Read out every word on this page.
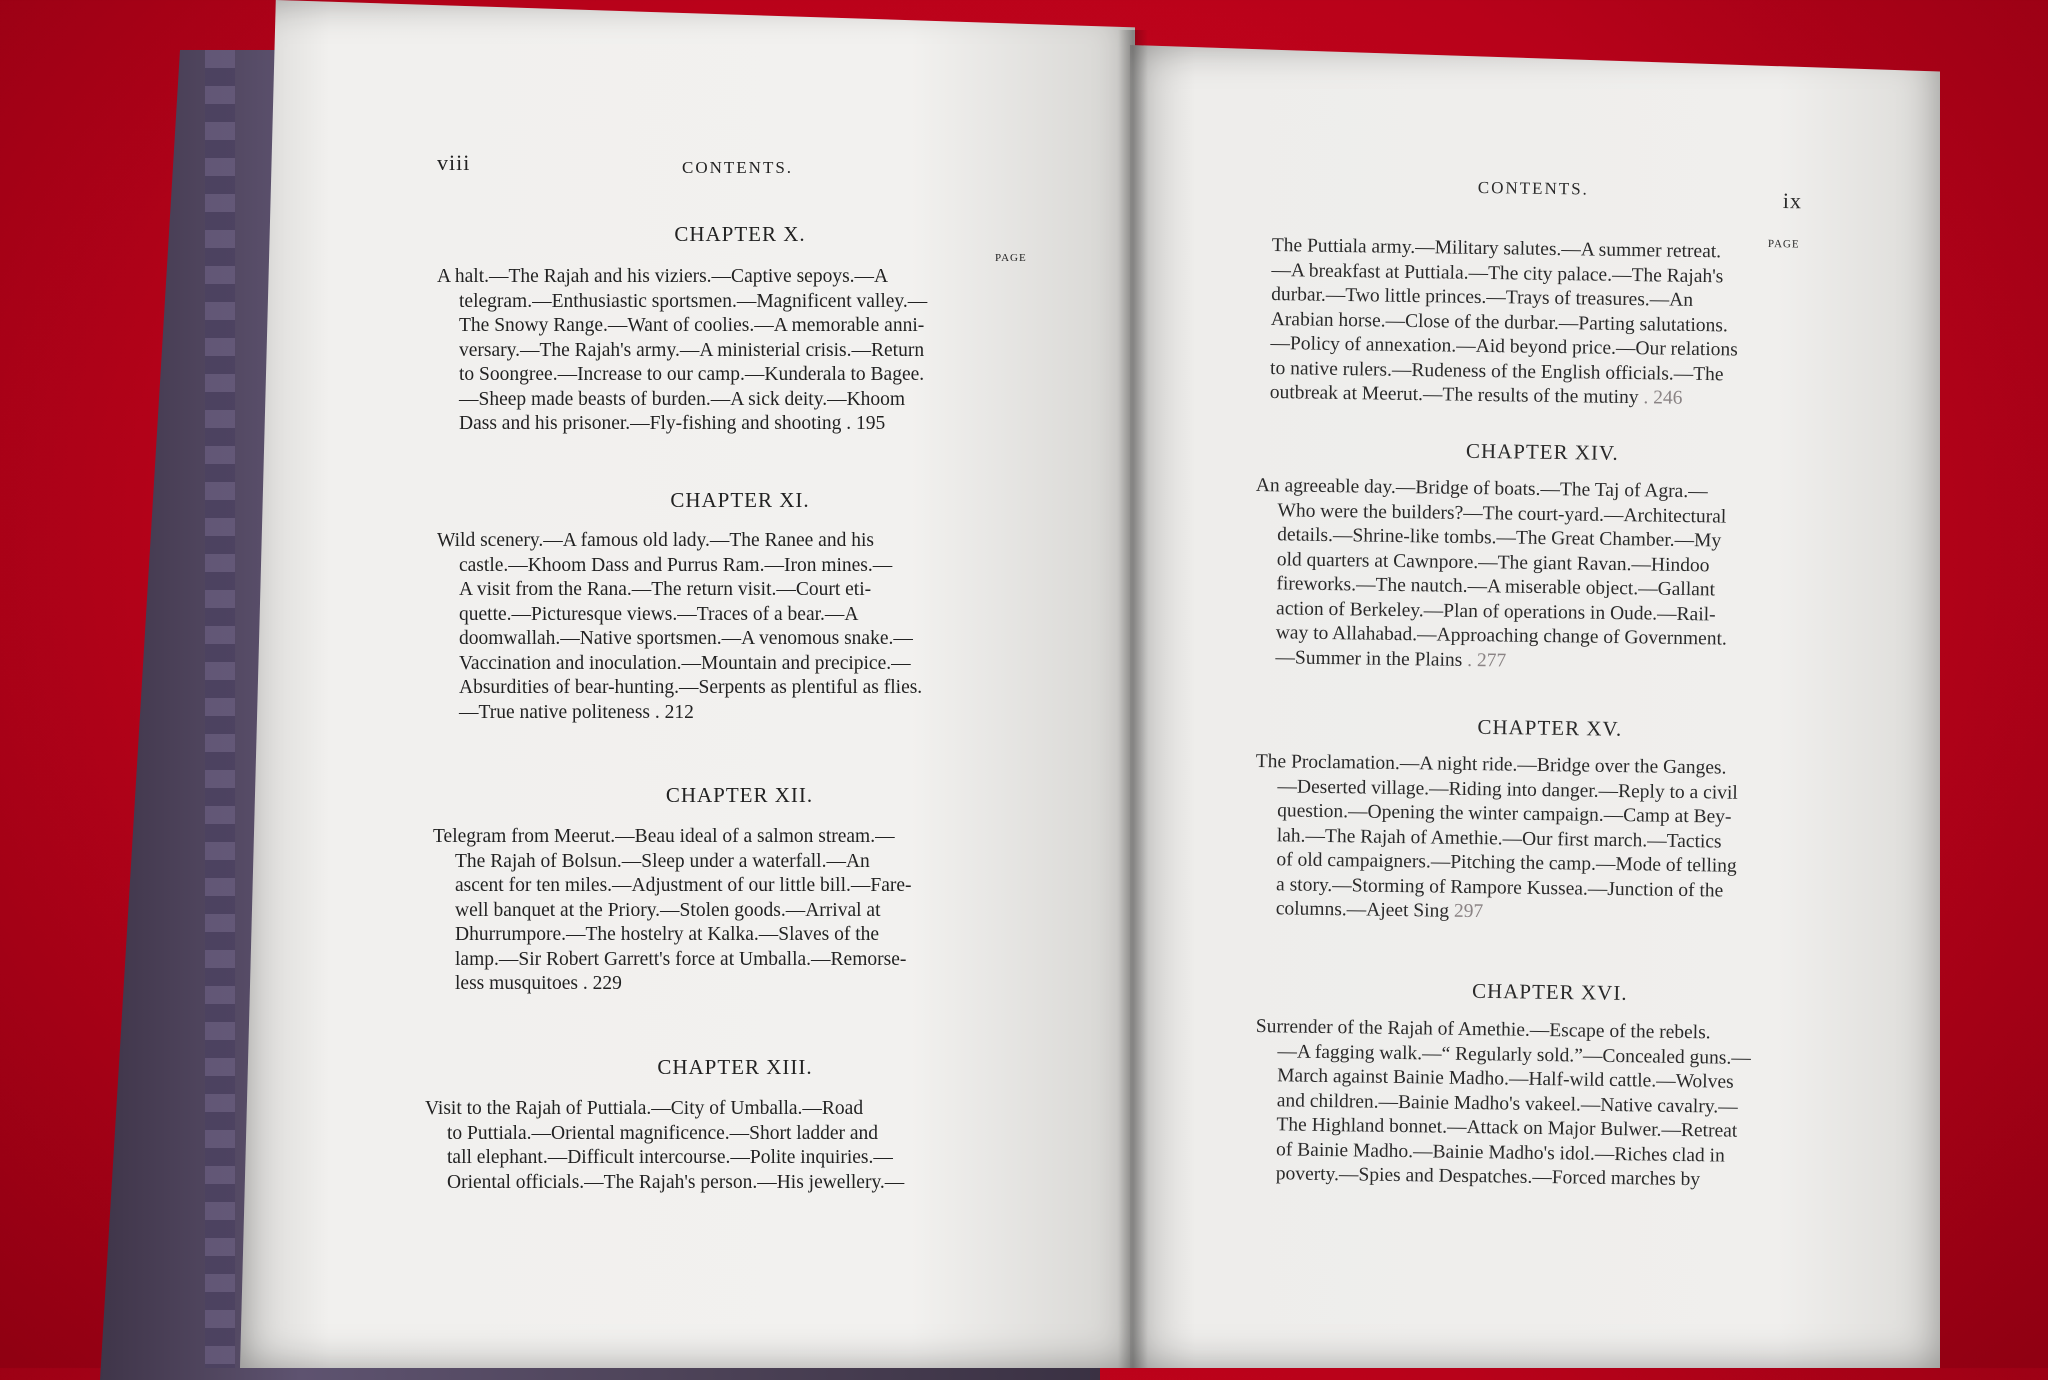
viii	CONTENTS.
CHAPTER X.
PAGE
A halt.—The Rajah and his viziers.—Captive sepoys.—A
telegram.—Enthusiastic sportsmen.—Magnificent valley.—
The Snowy Range.—Want of coolies.—A memorable anni-
versary.—The Rajah's army.—A ministerial crisis.—Return
to Soongree.—Increase to our camp.—Kunderala to Bagee.
—Sheep made beasts of burden.—A sick deity.—Khoom
Dass and his prisoner.—Fly-fishing and shooting . 195
CHAPTER XI.
Wild scenery.—A famous old lady.—The Ranee and his
castle.—Khoom Dass and Purrus Ram.—Iron mines.—
A visit from the Rana.—The return visit.—Court eti-
quette.—Picturesque views.—Traces of a bear.—A
doomwallah.—Native sportsmen.—A venomous snake.—
Vaccination and inoculation.—Mountain and precipice.—
Absurdities of bear-hunting.—Serpents as plentiful as flies.
—True native politeness . 212
CHAPTER XII.
Telegram from Meerut.—Beau ideal of a salmon stream.—
The Rajah of Bolsun.—Sleep under a waterfall.—An
ascent for ten miles.—Adjustment of our little bill.—Fare-
well banquet at the Priory.—Stolen goods.—Arrival at
Dhurrumpore.—The hostelry at Kalka.—Slaves of the
lamp.—Sir Robert Garrett's force at Umballa.—Remorse-
less musquitoes . 229
CHAPTER XIII.
Visit to the Rajah of Puttiala.—City of Umballa.—Road
to Puttiala.—Oriental magnificence.—Short ladder and
tall elephant.—Difficult intercourse.—Polite inquiries.—
Oriental officials.—The Rajah's person.—His jewellery.—
CONTENTS.	ix
PAGE
The Puttiala army.—Military salutes.—A summer retreat.
—A breakfast at Puttiala.—The city palace.—The Rajah's
durbar.—Two little princes.—Trays of treasures.—An
Arabian horse.—Close of the durbar.—Parting salutations.
—Policy of annexation.—Aid beyond price.—Our relations
to native rulers.—Rudeness of the English officials.—The
outbreak at Meerut.—The results of the mutiny . 246
CHAPTER XIV.
An agreeable day.—Bridge of boats.—The Taj of Agra.—
Who were the builders?—The court-yard.—Architectural
details.—Shrine-like tombs.—The Great Chamber.—My
old quarters at Cawnpore.—The giant Ravan.—Hindoo
fireworks.—The nautch.—A miserable object.—Gallant
action of Berkeley.—Plan of operations in Oude.—Rail-
way to Allahabad.—Approaching change of Government.
—Summer in the Plains . 277
CHAPTER XV.
The Proclamation.—A night ride.—Bridge over the Ganges.
—Deserted village.—Riding into danger.—Reply to a civil
question.—Opening the winter campaign.—Camp at Bey-
lah.—The Rajah of Amethie.—Our first march.—Tactics
of old campaigners.—Pitching the camp.—Mode of telling
a story.—Storming of Rampore Kussea.—Junction of the
columns.—Ajeet Sing 297
CHAPTER XVI.
Surrender of the Rajah of Amethie.—Escape of the rebels.
—A fagging walk.—“ Regularly sold.”—Concealed guns.—
March against Bainie Madho.—Half-wild cattle.—Wolves
and children.—Bainie Madho's vakeel.—Native cavalry.—
The Highland bonnet.—Attack on Major Bulwer.—Retreat
of Bainie Madho.—Bainie Madho's idol.—Riches clad in
poverty.—Spies and Despatches.—Forced marches by
